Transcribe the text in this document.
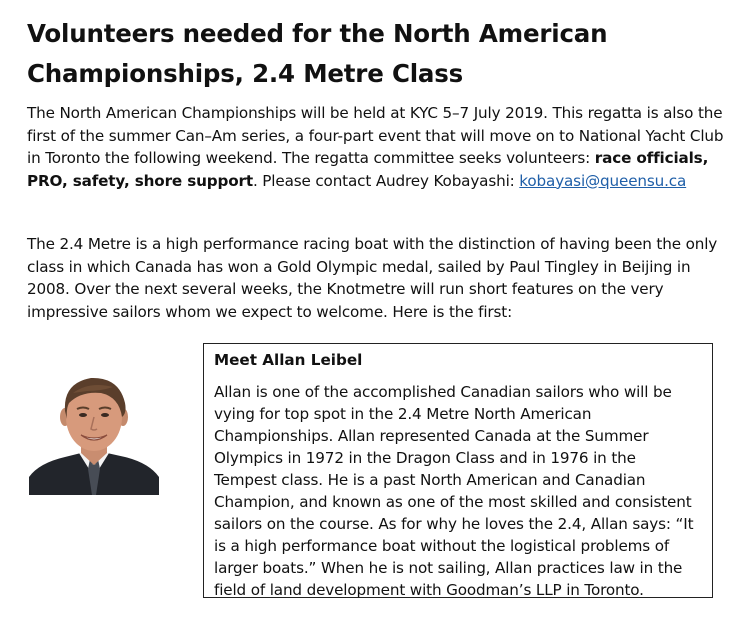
Volunteers needed for the North American
Championships, 2.4 Metre Class

The North American Championships will be held at KYC 5–7 July 2019. This regatta is also the first of the summer Can–Am series, a four-part event that will move on to National Yacht Club in Toronto the following weekend. The regatta committee seeks volunteers: race officials, PRO, safety, shore support. Please contact Audrey Kobayashi: kobayasi@queensu.ca

The 2.4 Metre is a high performance racing boat with the distinction of having been the only class in which Canada has won a Gold Olympic medal, sailed by Paul Tingley in Beijing in 2008. Over the next several weeks, the Knotmetre will run short features on the very impressive sailors whom we expect to welcome. Here is the first:

Meet Allan Leibel

Allan is one of the accomplished Canadian sailors who will be vying for top spot in the 2.4 Metre North American Championships. Allan represented Canada at the Summer Olympics in 1972 in the Dragon Class and in 1976 in the Tempest class. He is a past North American and Canadian Champion, and known as one of the most skilled and consistent sailors on the course. As for why he loves the 2.4, Allan says: “It is a high performance boat without the logistical problems of larger boats.” When he is not sailing, Allan practices law in the field of land development with Goodman’s LLP in Toronto.
